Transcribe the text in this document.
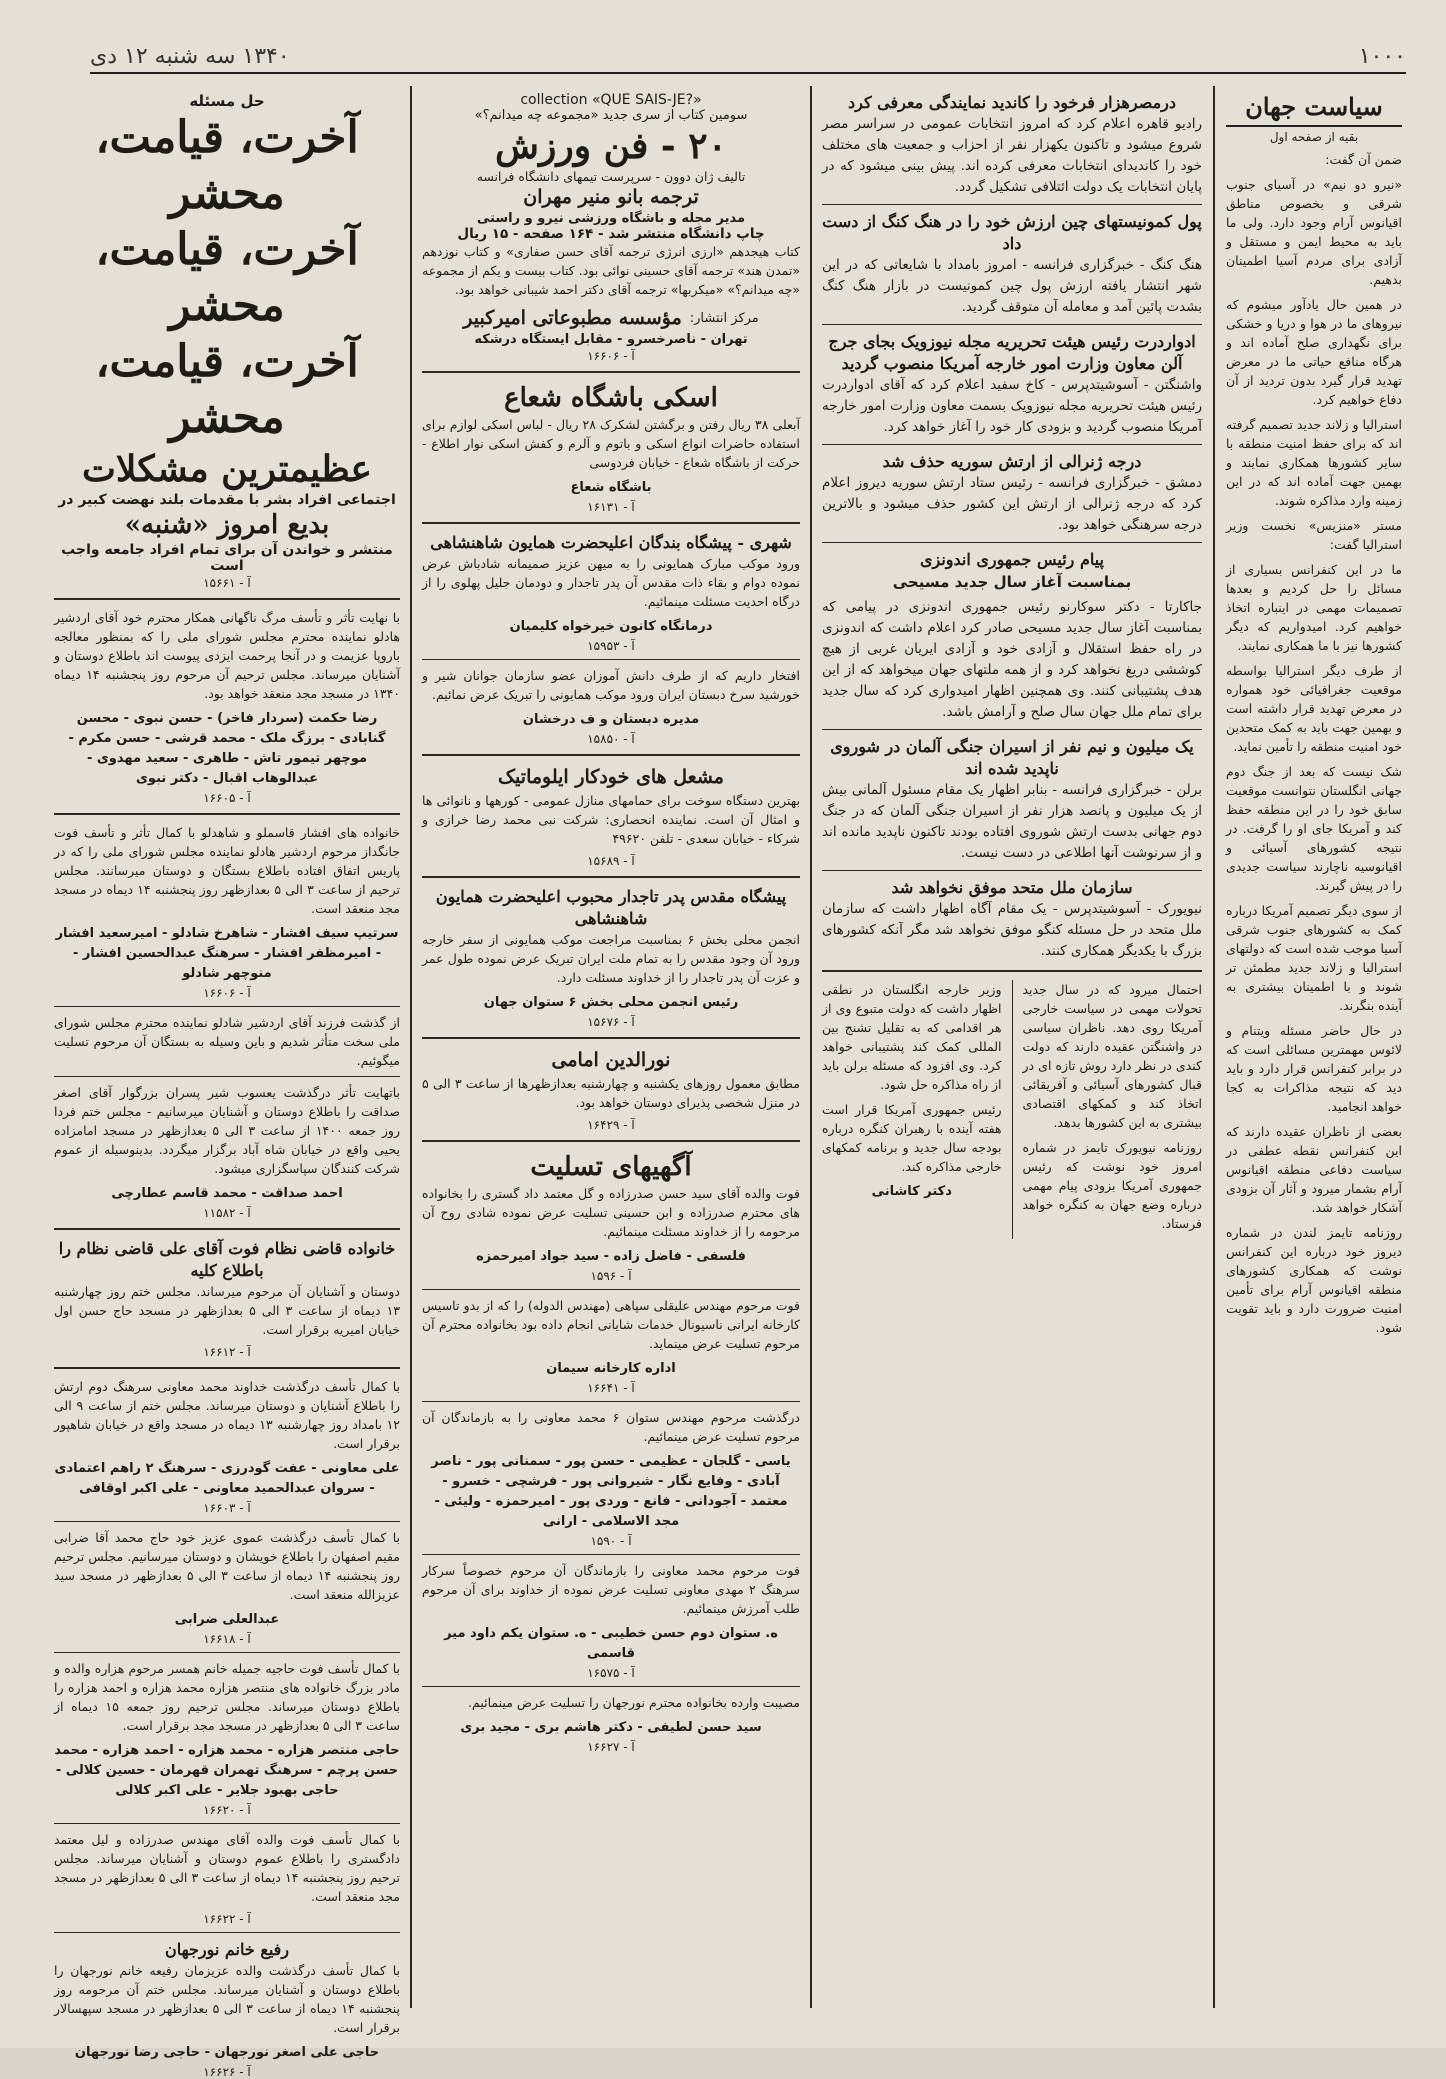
۱۰۰۰
۱۳۴۰ سه شنبه ۱۲ دی
سیاست جهان
بقیه از صفحه اول
ضمن آن گفت:
«نیرو دو نیم» در آسیای جنوب شرقی و بخصوص مناطق اقیانوس آرام وجود دارد. ولی ما باید به محیط ایمن و مستقل و آزادی برای مردم آسیا اطمینان بدهیم.
در همین حال یادآور میشوم که نیروهای ما در هوا و دریا و خشکی برای نگهداری صلح آماده اند و هرگاه منافع حیاتی ما در معرض تهدید قرار گیرد بدون تردید از آن دفاع خواهیم کرد.
استرالیا و زلاند جدید تصمیم گرفته اند که برای حفظ امنیت منطقه با سایر کشورها همکاری نمایند و بهمین جهت آماده اند که در این زمینه وارد مذاکره شوند.
مستر «منزیس» نخست وزیر استرالیا گفت:
ما در این کنفرانس بسیاری از مسائل را حل کردیم و بعدها تصمیمات مهمی در اینباره اتخاذ خواهیم کرد. امیدواریم که دیگر کشورها نیز با ما همکاری نمایند.
از طرف دیگر استرالیا بواسطه موقعیت جغرافیائی خود همواره در معرض تهدید قرار داشته است و بهمین جهت باید به کمک متحدین خود امنیت منطقه را تأمین نماید.
شک نیست که بعد از جنگ دوم جهانی انگلستان نتوانست موقعیت سابق خود را در این منطقه حفظ کند و آمریکا جای او را گرفت. در نتیجه کشورهای آسیائی و اقیانوسیه ناچارند سیاست جدیدی را در پیش گیرند.
از سوی دیگر تصمیم آمریکا درباره کمک به کشورهای جنوب شرقی آسیا موجب شده است که دولتهای استرالیا و زلاند جدید مطمئن تر شوند و با اطمینان بیشتری به آینده بنگرند.
در حال حاضر مسئله ویتنام و لائوس مهمترین مسائلی است که در برابر کنفرانس قرار دارد و باید دید که نتیجه مذاکرات به کجا خواهد انجامید.
بعضی از ناظران عقیده دارند که این کنفرانس نقطه عطفی در سیاست دفاعی منطقه اقیانوس آرام بشمار میرود و آثار آن بزودی آشکار خواهد شد.
روزنامه تایمز لندن در شماره دیروز خود درباره این کنفرانس نوشت که همکاری کشورهای منطقه اقیانوس آرام برای تأمین امنیت ضرورت دارد و باید تقویت شود.
درمصرهزار فرخود را کاندید نمایندگی معرفی کرد
رادیو قاهره اعلام کرد که امروز انتخابات عمومی در سراسر مصر شروع میشود و تاکنون یکهزار نفر از احزاب و جمعیت های مختلف خود را کاندیدای انتخابات معرفی کرده اند. پیش بینی میشود که در پایان انتخابات یک دولت ائتلافی تشکیل گردد.
پول کمونیستهای چین ارزش خود را در هنگ کنگ از دست داد
هنگ کنگ - خبرگزاری فرانسه - امروز بامداد با شایعاتی که در این شهر انتشار یافته ارزش پول چین کمونیست در بازار هنگ کنگ بشدت پائین آمد و معامله آن متوقف گردید.
ادواردرت رئیس هیئت تحریریه مجله نیوزویک بجای جرج آلن معاون وزارت امور خارجه آمریکا منصوب گردید
واشنگتن - آسوشیتدپرس - کاخ سفید اعلام کرد که آقای ادواردرت رئیس هیئت تحریریه مجله نیوزویک بسمت معاون وزارت امور خارجه آمریکا منصوب گردید و بزودی کار خود را آغاز خواهد کرد.
درجه ژنرالی از ارتش سوریه حذف شد
دمشق - خبرگزاری فرانسه - رئیس ستاد ارتش سوریه دیروز اعلام کرد که درجه ژنرالی از ارتش این کشور حذف میشود و بالاترین درجه سرهنگی خواهد بود.
پیام رئیس جمهوری اندونزی
بمناسبت آغاز سال جدید مسیحی
جاکارتا - دکتر سوکارنو رئیس جمهوری اندونزی در پیامی که بمناسبت آغاز سال جدید مسیحی صادر کرد اعلام داشت که اندونزی در راه حفظ استقلال و آزادی خود و آزادی ایریان غربی از هیچ کوششی دریغ نخواهد کرد و از همه ملتهای جهان میخواهد که از این هدف پشتیبانی کنند. وی همچنین اظهار امیدواری کرد که سال جدید برای تمام ملل جهان سال صلح و آرامش باشد.
یک میلیون و نیم نفر از اسیران جنگی آلمان در شوروی ناپدید شده اند
برلن - خبرگزاری فرانسه - بنابر اظهار یک مقام مسئول آلمانی بیش از یک میلیون و پانصد هزار نفر از اسیران جنگی آلمان که در جنگ دوم جهانی بدست ارتش شوروی افتاده بودند تاکنون ناپدید مانده اند و از سرنوشت آنها اطلاعی در دست نیست.
سازمان ملل متحد موفق نخواهد شد
نیویورک - آسوشیتدپرس - یک مقام آگاه اظهار داشت که سازمان ملل متحد در حل مسئله کنگو موفق نخواهد شد مگر آنکه کشورهای بزرگ با یکدیگر همکاری کنند.
احتمال میرود که در سال جدید تحولات مهمی در سیاست خارجی آمریکا روی دهد. ناظران سیاسی در واشنگتن عقیده دارند که دولت کندی در نظر دارد روش تازه ای در قبال کشورهای آسیائی و آفریقائی اتخاذ کند و کمکهای اقتصادی بیشتری به این کشورها بدهد.
روزنامه نیویورک تایمز در شماره امروز خود نوشت که رئیس جمهوری آمریکا بزودی پیام مهمی درباره وضع جهان به کنگره خواهد فرستاد.
وزیر خارجه انگلستان در نطقی اظهار داشت که دولت متبوع وی از هر اقدامی که به تقلیل تشنج بین المللی کمک کند پشتیبانی خواهد کرد. وی افزود که مسئله برلن باید از راه مذاکره حل شود.
رئیس جمهوری آمریکا قرار است هفته آینده با رهبران کنگره درباره بودجه سال جدید و برنامه کمکهای خارجی مذاکره کند.
دکتر کاشانی
collection «QUE SAIS-JE?»
سومین کتاب از سری جدید «مجموعه چه میدانم؟»
۲۰ - فن ورزش
تالیف ژان دوون - سرپرست تیمهای دانشگاه فرانسه
ترجمه بانو منیر مهران
مدیر مجله و باشگاه ورزشی نیرو و راستی
چاپ دانشگاه منتشر شد - ۱۶۴ صفحه - ۱۵ ریال
کتاب هیجدهم «ارزی انرژی ترجمه آقای حسن صفاری» و کتاب نوزدهم «تمدن هند» ترجمه آقای حسینی نوائی بود. کتاب بیست و یکم از مجموعه «چه میدانم؟» «میکربها» ترجمه آقای دکتر احمد شیبانی خواهد بود.
مرکز انتشار:
مؤسسه مطبوعاتی امیرکبیر
تهران - ناصرخسرو - مقابل ایستگاه درشکه
آ - ۱۶۶۰۶
اسکی باشگاه شعاع
آبعلی ۳۸ ریال رفتن و برگشتن لشکرک ۲۸ ریال - لباس اسکی لوازم برای استفاده حاضرات انواع اسکی و باتوم و آلرم و کفش اسکی نوار اطلاع - حرکت از باشگاه شعاع - خیابان فردوسی
باشگاه شعاع
آ - ۱۶۱۳۱
شهری - پیشگاه بندگان اعلیحضرت همایون شاهنشاهی
ورود موکب مبارک همایونی را به میهن عزیز صمیمانه شادباش عرض نموده دوام و بقاء ذات مقدس آن پدر تاجدار و دودمان جلیل پهلوی را از درگاه احدیت مسئلت مینمائیم.
درمانگاه کانون خیرخواه کلیمیان
آ - ۱۵۹۵۳
افتخار داریم که از طرف دانش آموزان عضو سازمان جوانان شیر و خورشید سرخ دبستان ایران ورود موکب همایونی را تبریک عرض نمائیم.
مدیره دبستان و ف درخشان
آ - ۱۵۸۵۰
مشعل های خودکار ایلوماتیک
بهترین دستگاه سوخت برای حمامهای منازل عمومی - کورهها و نانوائی ها و امثال آن است. نماینده انحصاری: شرکت نبی محمد رضا خرازی و شرکاء - خیابان سعدی - تلفن ۴۹۶۲۰
آ - ۱۵۶۸۹
پیشگاه مقدس پدر تاجدار محبوب اعلیحضرت همایون شاهنشاهی
انجمن محلی بخش ۶ بمناسبت مراجعت موکب همایونی از سفر خارجه ورود آن وجود مقدس را به تمام ملت ایران تبریک عرض نموده طول عمر و عزت آن پدر تاجدار را از خداوند مسئلت دارد.
رئیس انجمن محلی بخش ۶ ستوان جهان
آ - ۱۵۶۷۶
نورالدین امامی
مطابق معمول روزهای یکشنبه و چهارشنبه بعدازظهرها از ساعت ۳ الی ۵ در منزل شخصی پذیرای دوستان خواهد بود.
آ - ۱۶۴۲۹
آگهیهای تسلیت
فوت والده آقای سید حسن صدرزاده و گل معتمد داد گستری را بخانواده های محترم صدرزاده و ابن حسینی تسلیت عرض نموده شادی روح آن مرحومه را از خداوند مسئلت مینمائیم.
فلسفی - فاضل زاده - سید جواد امیرحمزه
آ - ۱۵۹۶
فوت مرحوم مهندس علیقلی سپاهی (مهندس الدوله) را که از بدو تاسیس کارخانه ایرانی ناسیونال خدمات شایانی انجام داده بود بخانواده محترم آن مرحوم تسلیت عرض مینماید.
اداره کارخانه سیمان
آ - ۱۶۶۴۱
درگذشت مرحوم مهندس ستوان ۶ محمد معاونی را به بازماندگان آن مرحوم تسلیت عرض مینمائیم.
یاسی - گلجان - عظیمی - حسن پور - سمنانی پور - ناصر آبادی - وفایع نگار - شیروانی پور - فرشچی - خسرو - معتمد - آجودانی - فانع - وردی پور - امیرحمزه - ولیئی - مجد الاسلامی - ارانی
آ - ۱۵۹۰
فوت مرحوم محمد معاونی را بازماندگان آن مرحوم خصوصاً سرکار سرهنگ ۲ مهدی معاونی تسلیت عرض نموده از خداوند برای آن مرحوم طلب آمرزش مینمائیم.
ه. ستوان دوم حسن خطیبی - ه. ستوان یکم داود میر قاسمی
آ - ۱۶۵۷۵
مصیبت وارده بخانواده محترم نورجهان را تسلیت عرض مینمائیم.
سید حسن لطیفی - دکتر هاشم بری - مجید بری
آ - ۱۶۶۲۷
حل مسئله
آخرت، قیامت، محشر
آخرت، قیامت، محشر
آخرت، قیامت، محشر
عظیمترین مشکلات
اجتماعی افراد بشر با مقدمات بلند نهضت کبیر در
بدیع امروز «شنبه»
منتشر و خواندن آن برای تمام افراد جامعه واجب است
آ - ۱۵۶۶۱
با نهایت تأثر و تأسف مرگ ناگهانی همکار محترم خود آقای اردشیر هادلو نماینده محترم مجلس شورای ملی را که بمنظور معالجه باروپا عزیمت و در آنجا پرحمت ایزدی پیوست اند باطلاع دوستان و آشنایان میرساند. مجلس ترحیم آن مرحوم روز پنجشنبه ۱۴ دیماه ۱۳۴۰ در مسجد مجد منعقد خواهد بود.
رضا حکمت (سردار فاخر) - حسن نبوی - محسن گنابادی - برزگ ملک - محمد قرشی - حسن مکرم - موچهر تیمور تاش - طاهری - سعید مهدوی - عبدالوهاب اقبال - دکتر نبوی
آ - ۱۶۶۰۵
خانواده های افشار قاسملو و شاهدلو با کمال تأثر و تأسف فوت جانگداز مرحوم اردشیر هادلو نماینده مجلس شورای ملی را که در پاریس اتفاق افتاده باطلاع بستگان و دوستان میرسانند. مجلس ترحیم از ساعت ۳ الی ۵ بعدازظهر روز پنجشنبه ۱۴ دیماه در مسجد مجد منعقد است.
سرتیپ سیف افشار - شاهرخ شادلو - امیرسعید افشار - امیرمظفر افشار - سرهنگ عبدالحسین افشار - منوچهر شادلو
آ - ۱۶۶۰۶
از گذشت فرزند آقای اردشیر شادلو نماینده محترم مجلس شورای ملی سخت متأثر شدیم و باین وسیله به بستگان آن مرحوم تسلیت میگوئیم.
باتهایت تأثر درگذشت یعسوب شیر پسران بزرگوار آقای اصغر صداقت را باطلاع دوستان و آشنایان میرسانیم - مجلس ختم فردا روز جمعه ۱۴۰۰ از ساعت ۳ الی ۵ بعدازظهر در مسجد امامزاده یحیی واقع در خیابان شاه آباد برگزار میگردد. بدینوسیله از عموم شرکت کنندگان سپاسگزاری میشود.
احمد صداقت - محمد قاسم عطارچی
آ - ۱۱۵۸۲
خانواده قاضی نظام فوت آقای علی قاضی نظام را باطلاع کلیه
دوستان و آشنایان آن مرحوم میرساند. مجلس ختم روز چهارشنبه ۱۳ دیماه از ساعت ۳ الی ۵ بعدازظهر در مسجد حاج حسن اول خیابان امیریه برقرار است.
آ - ۱۶۶۱۲
با کمال تأسف درگذشت خداوند محمد معاونی سرهنگ دوم ارتش را باطلاع آشنایان و دوستان میرساند. مجلس ختم از ساعت ۹ الی ۱۲ بامداد روز چهارشنبه ۱۳ دیماه در مسجد واقع در خیابان شاهپور برقرار است.
علی معاونی - عفت گودرزی - سرهنگ ۲ راهم اعتمادی - سروان عبدالحمید معاونی - علی اکبر اوقافی
آ - ۱۶۶۰۳
با کمال تأسف درگذشت عموی عزیز خود حاج محمد آقا ضرابی مقیم اصفهان را باطلاع خویشان و دوستان میرسانیم. مجلس ترحیم روز پنجشنبه ۱۴ دیماه از ساعت ۳ الی ۵ بعدازظهر در مسجد سید عزیزالله منعقد است.
عبدالعلی ضرابی
آ - ۱۶۶۱۸
با کمال تأسف فوت حاجیه جمیله خانم همسر مرحوم هزاره والده و مادر بزرگ خانواده های منتصر هزاره محمد هزاره و احمد هزاره را باطلاع دوستان میرساند. مجلس ترحیم روز جمعه ۱۵ دیماه از ساعت ۳ الی ۵ بعدازظهر در مسجد مجد برقرار است.
حاجی منتصر هزاره - محمد هزاره - احمد هزاره - محمد حسن پرچم - سرهنگ تهمران قهرمان - حسین کلالی - حاجی بهبود جلایر - علی اکبر کلالی
آ - ۱۶۶۲۰
با کمال تأسف فوت والده آقای مهندس صدرزاده و لیل معتمد دادگستری را باطلاع عموم دوستان و آشنایان میرساند. مجلس ترحیم روز پنجشنبه ۱۴ دیماه از ساعت ۳ الی ۵ بعدازظهر در مسجد مجد منعقد است.
آ - ۱۶۶۲۲
رفیع خانم نورجهان
با کمال تأسف درگذشت والده عزیزمان رفیعه خانم نورجهان را باطلاع دوستان و آشنایان میرساند. مجلس ختم آن مرحومه روز پنجشنبه ۱۴ دیماه از ساعت ۳ الی ۵ بعدازظهر در مسجد سپهسالار برقرار است.
حاجی علی اصغر نورجهان - حاجی رضا نورجهان
آ - ۱۶۶۲۶
